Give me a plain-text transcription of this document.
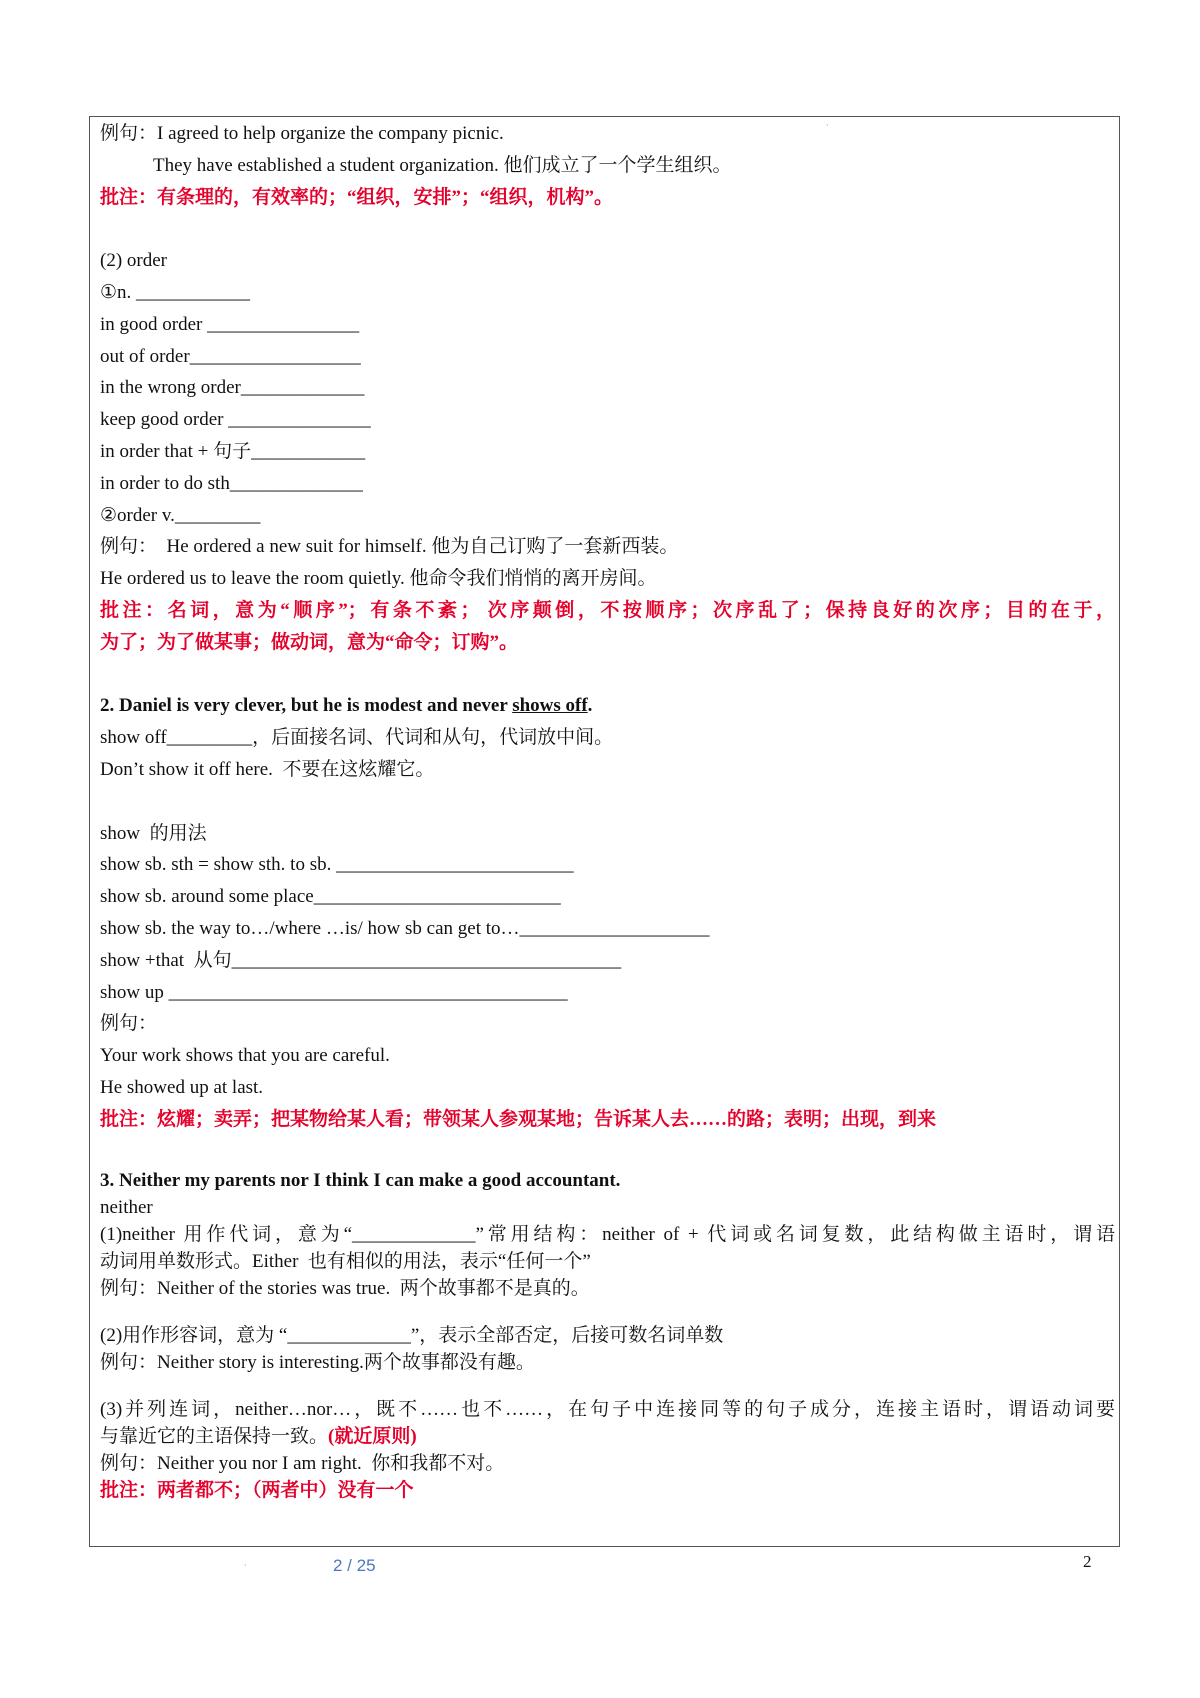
·
例句：I agreed to help organize the company picnic.
They have established a student organization. 他们成立了一个学生组织。
批注：有条理的，有效率的；“组织，安排”；“组织，机构”。
(2) order
①n. ____________
in good order ________________
out of order__________________
in the wrong order_____________
keep good order _______________
in order that + 句子____________
in order to do sth______________
②order v._________
例句：  He ordered a new suit for himself. 他为自己订购了一套新西装。
He ordered us to leave the room quietly. 他命令我们悄悄的离开房间。
批注：名词，意为“顺序”；有条不紊； 次序颠倒，不按顺序；次序乱了；保持良好的次序；目的在于，
为了；为了做某事；做动词，意为“命令；订购”。
2. Daniel is very clever, but he is modest and never shows off.
show off_________，后面接名词、代词和从句，代词放中间。
Don’t show it off here.  不要在这炫耀它。
show  的用法
show sb. sth = show sth. to sb. _________________________
show sb. around some place__________________________
show sb. the way to…/where …is/ how sb can get to…____________________
show +that  从句_________________________________________
show up __________________________________________
例句：
Your work shows that you are careful.
He showed up at last.
批注：炫耀；卖弄；把某物给某人看；带领某人参观某地；告诉某人去……的路；表明；出现，到来
3. Neither my parents nor I think I can make a good accountant.
neither
(1)neither 用作代词，意为“_____________”常用结构：neither of + 代词或名词复数，此结构做主语时，谓语
动词用单数形式。Either  也有相似的用法，表示“任何一个”
例句：Neither of the stories was true.  两个故事都不是真的。
(2)用作形容词，意为 “_____________”，表示全部否定，后接可数名词单数
例句：Neither story is interesting.两个故事都没有趣。
(3)并列连词，neither…nor…，既不……也不……，在句子中连接同等的句子成分，连接主语时，谓语动词要
与靠近它的主语保持一致。(就近原则)
例句：Neither you nor I am right.  你和我都不对。
批注：两者都不；（两者中）没有一个
·	2 / 25	2
